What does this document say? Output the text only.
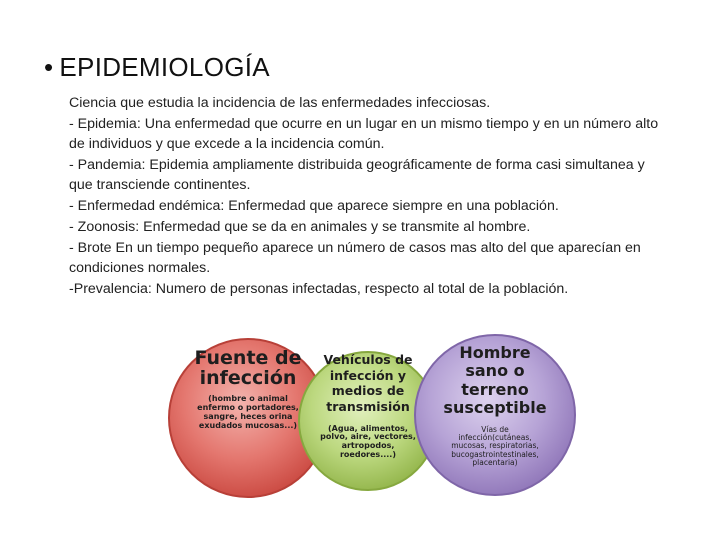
• EPIDEMIOLOGÍA

Ciencia que estudia la incidencia de las enfermedades infecciosas.

- Epidemia: Una enfermedad que ocurre en un lugar en un mismo tiempo y en un número alto de individuos y que excede a la incidencia común.

- Pandemia: Epidemia ampliamente distribuida geográficamente de forma casi simultanea y que transciende continentes.

- Enfermedad endémica: Enfermedad que aparece siempre en una población.

- Zoonosis: Enfermedad que se da en animales y se transmite al hombre.

- Brote En un tiempo pequeño aparece un número de casos mas alto del que aparecían en condiciones normales.

-Prevalencia: Numero de personas infectadas, respecto al total de la población.

Fuente de infección
(hombre o animal enfermo o portadores, sangre, heces orina exudados mucosas...)
Vehículos de infección y medios de transmisión
(Agua, alimentos, polvo, aire, vectores, artropodos, roedores....)
Hombre sano o terreno susceptible
Vías de infección(cutáneas, mucosas, respiratorias, bucogastrointestinales, placentaria)
